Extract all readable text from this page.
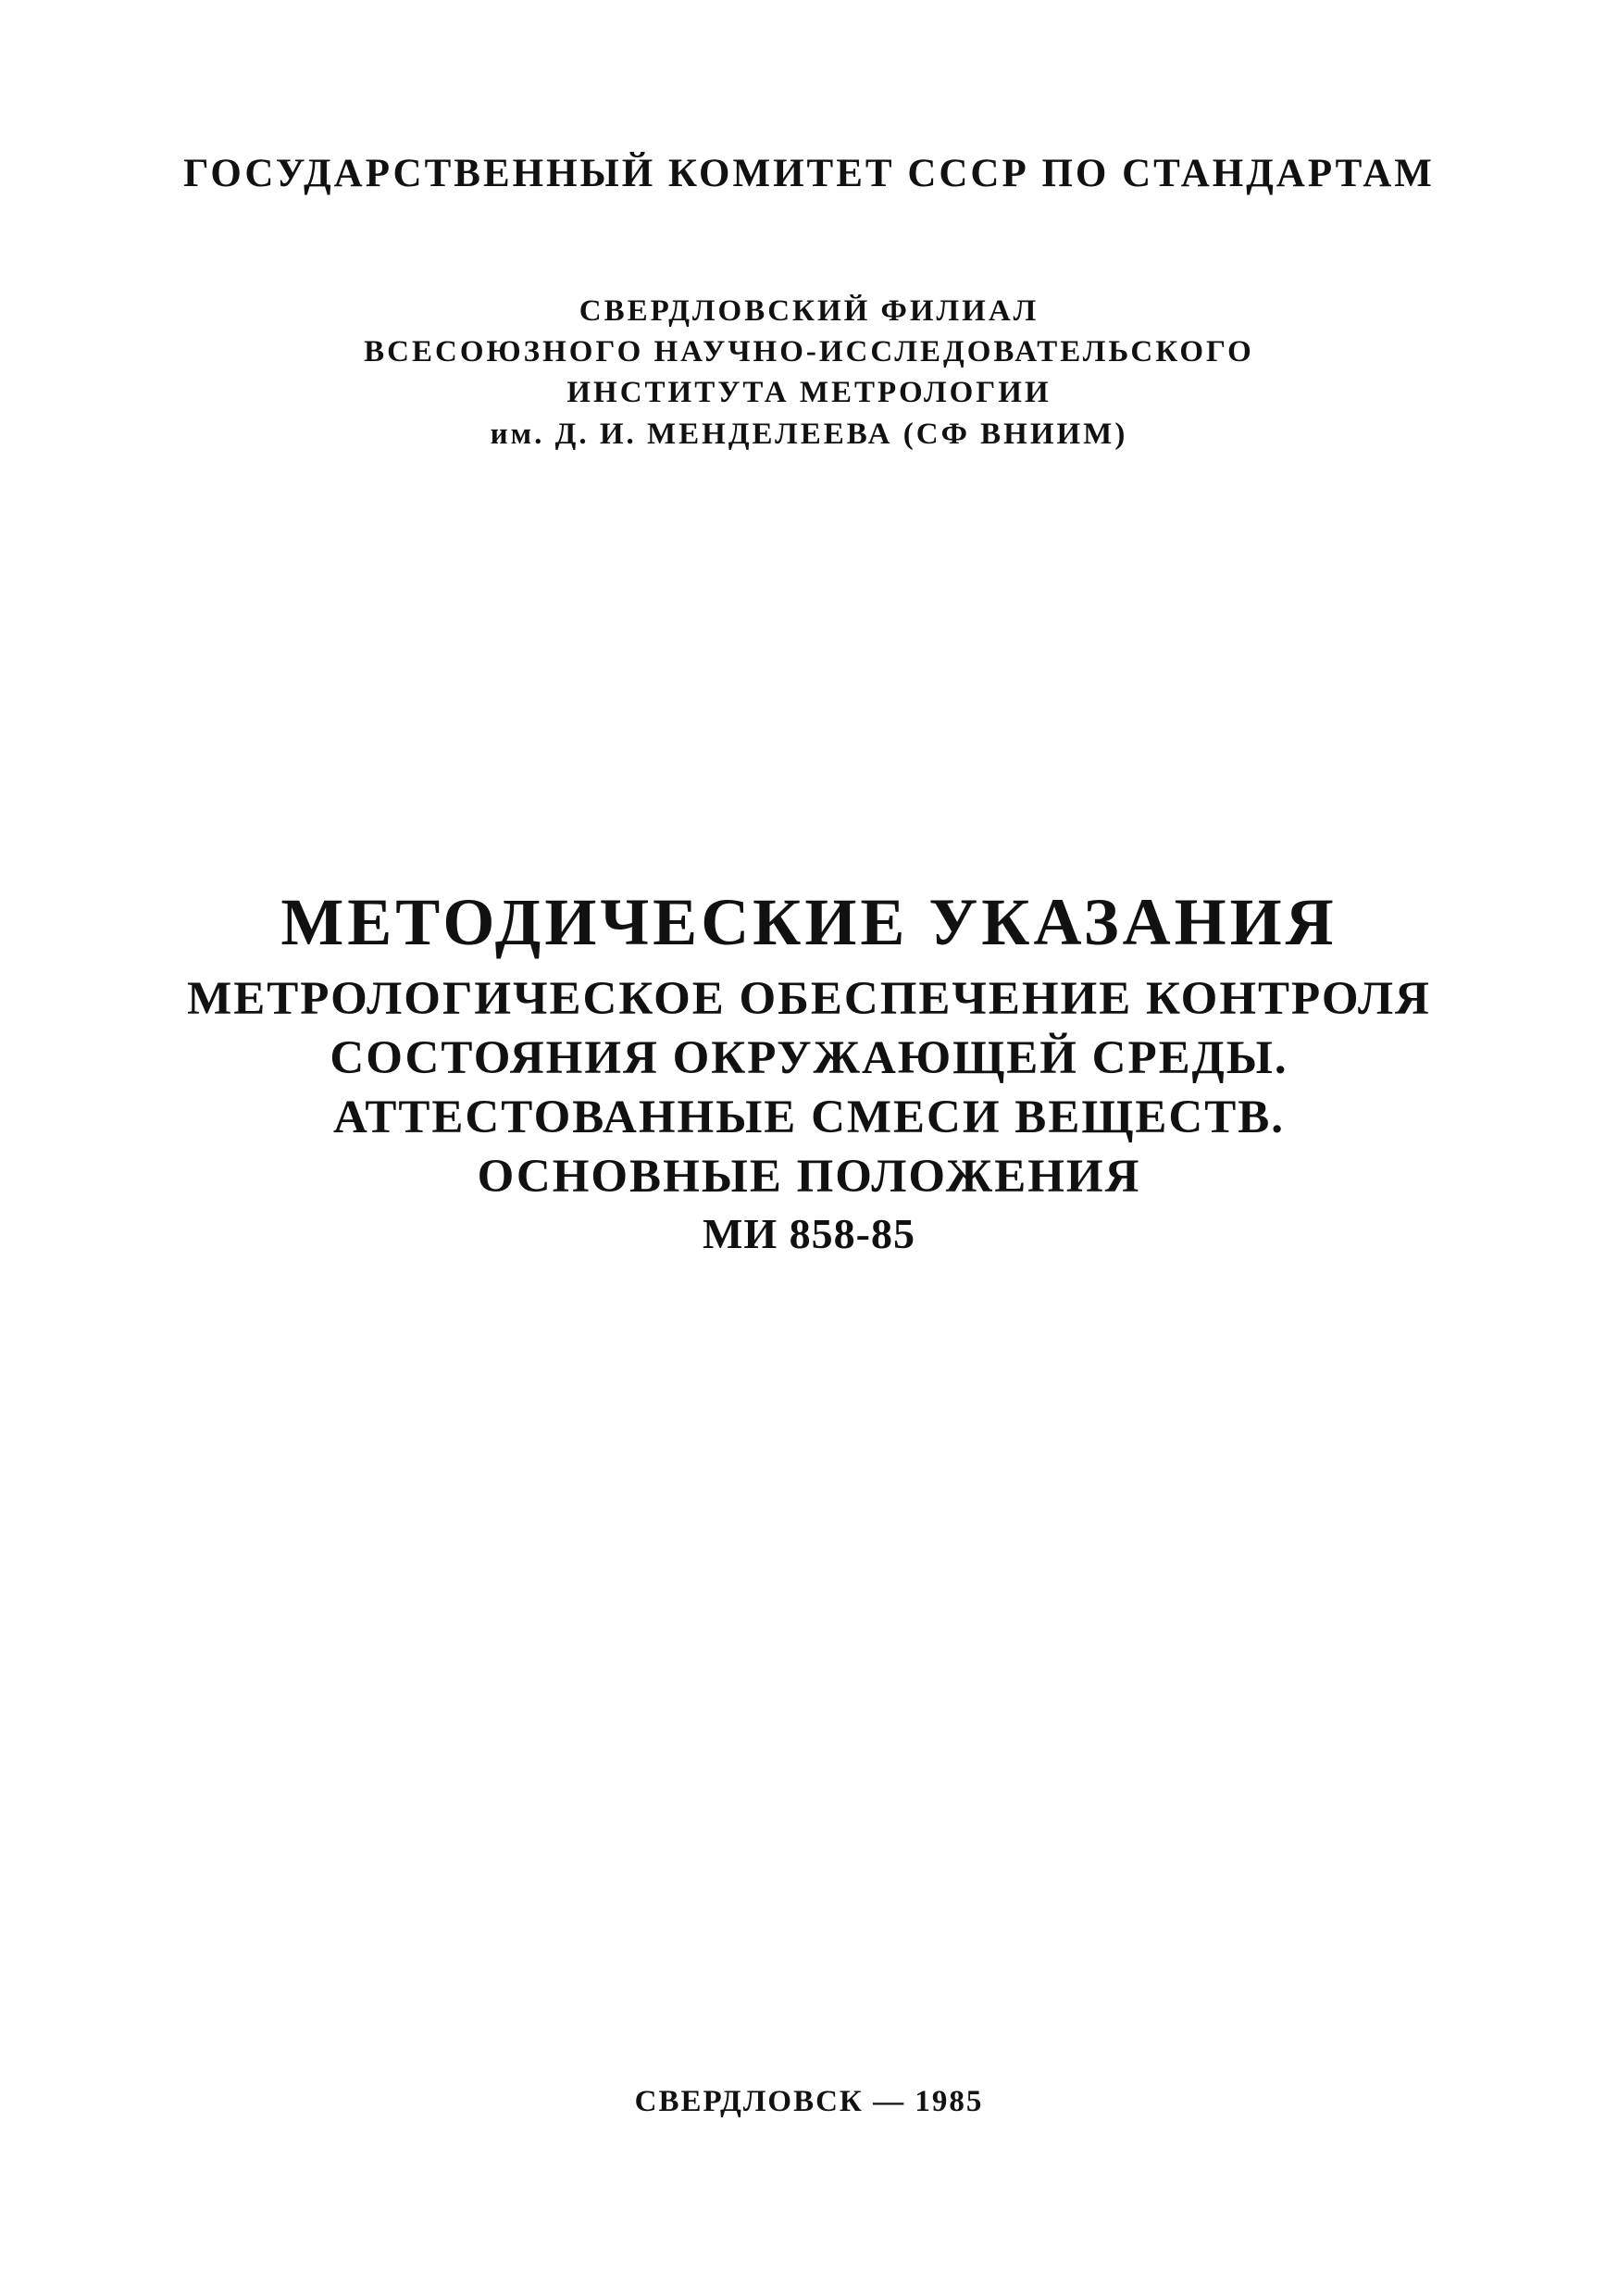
ГОСУДАРСТВЕННЫЙ КОМИТЕТ СССР ПО СТАНДАРТАМ
СВЕРДЛОВСКИЙ ФИЛИАЛ
ВСЕСОЮЗНОГО НАУЧНО-ИССЛЕДОВАТЕЛЬСКОГО
ИНСТИТУТА МЕТРОЛОГИИ
им. Д. И. МЕНДЕЛЕЕВА (СФ ВНИИМ)
МЕТОДИЧЕСКИЕ УКАЗАНИЯ
МЕТРОЛОГИЧЕСКОЕ ОБЕСПЕЧЕНИЕ КОНТРОЛЯ
СОСТОЯНИЯ ОКРУЖАЮЩЕЙ СРЕДЫ.
АТТЕСТОВАННЫЕ СМЕСИ ВЕЩЕСТВ.
ОСНОВНЫЕ ПОЛОЖЕНИЯ
МИ 858-85
СВЕРДЛОВСК — 1985
